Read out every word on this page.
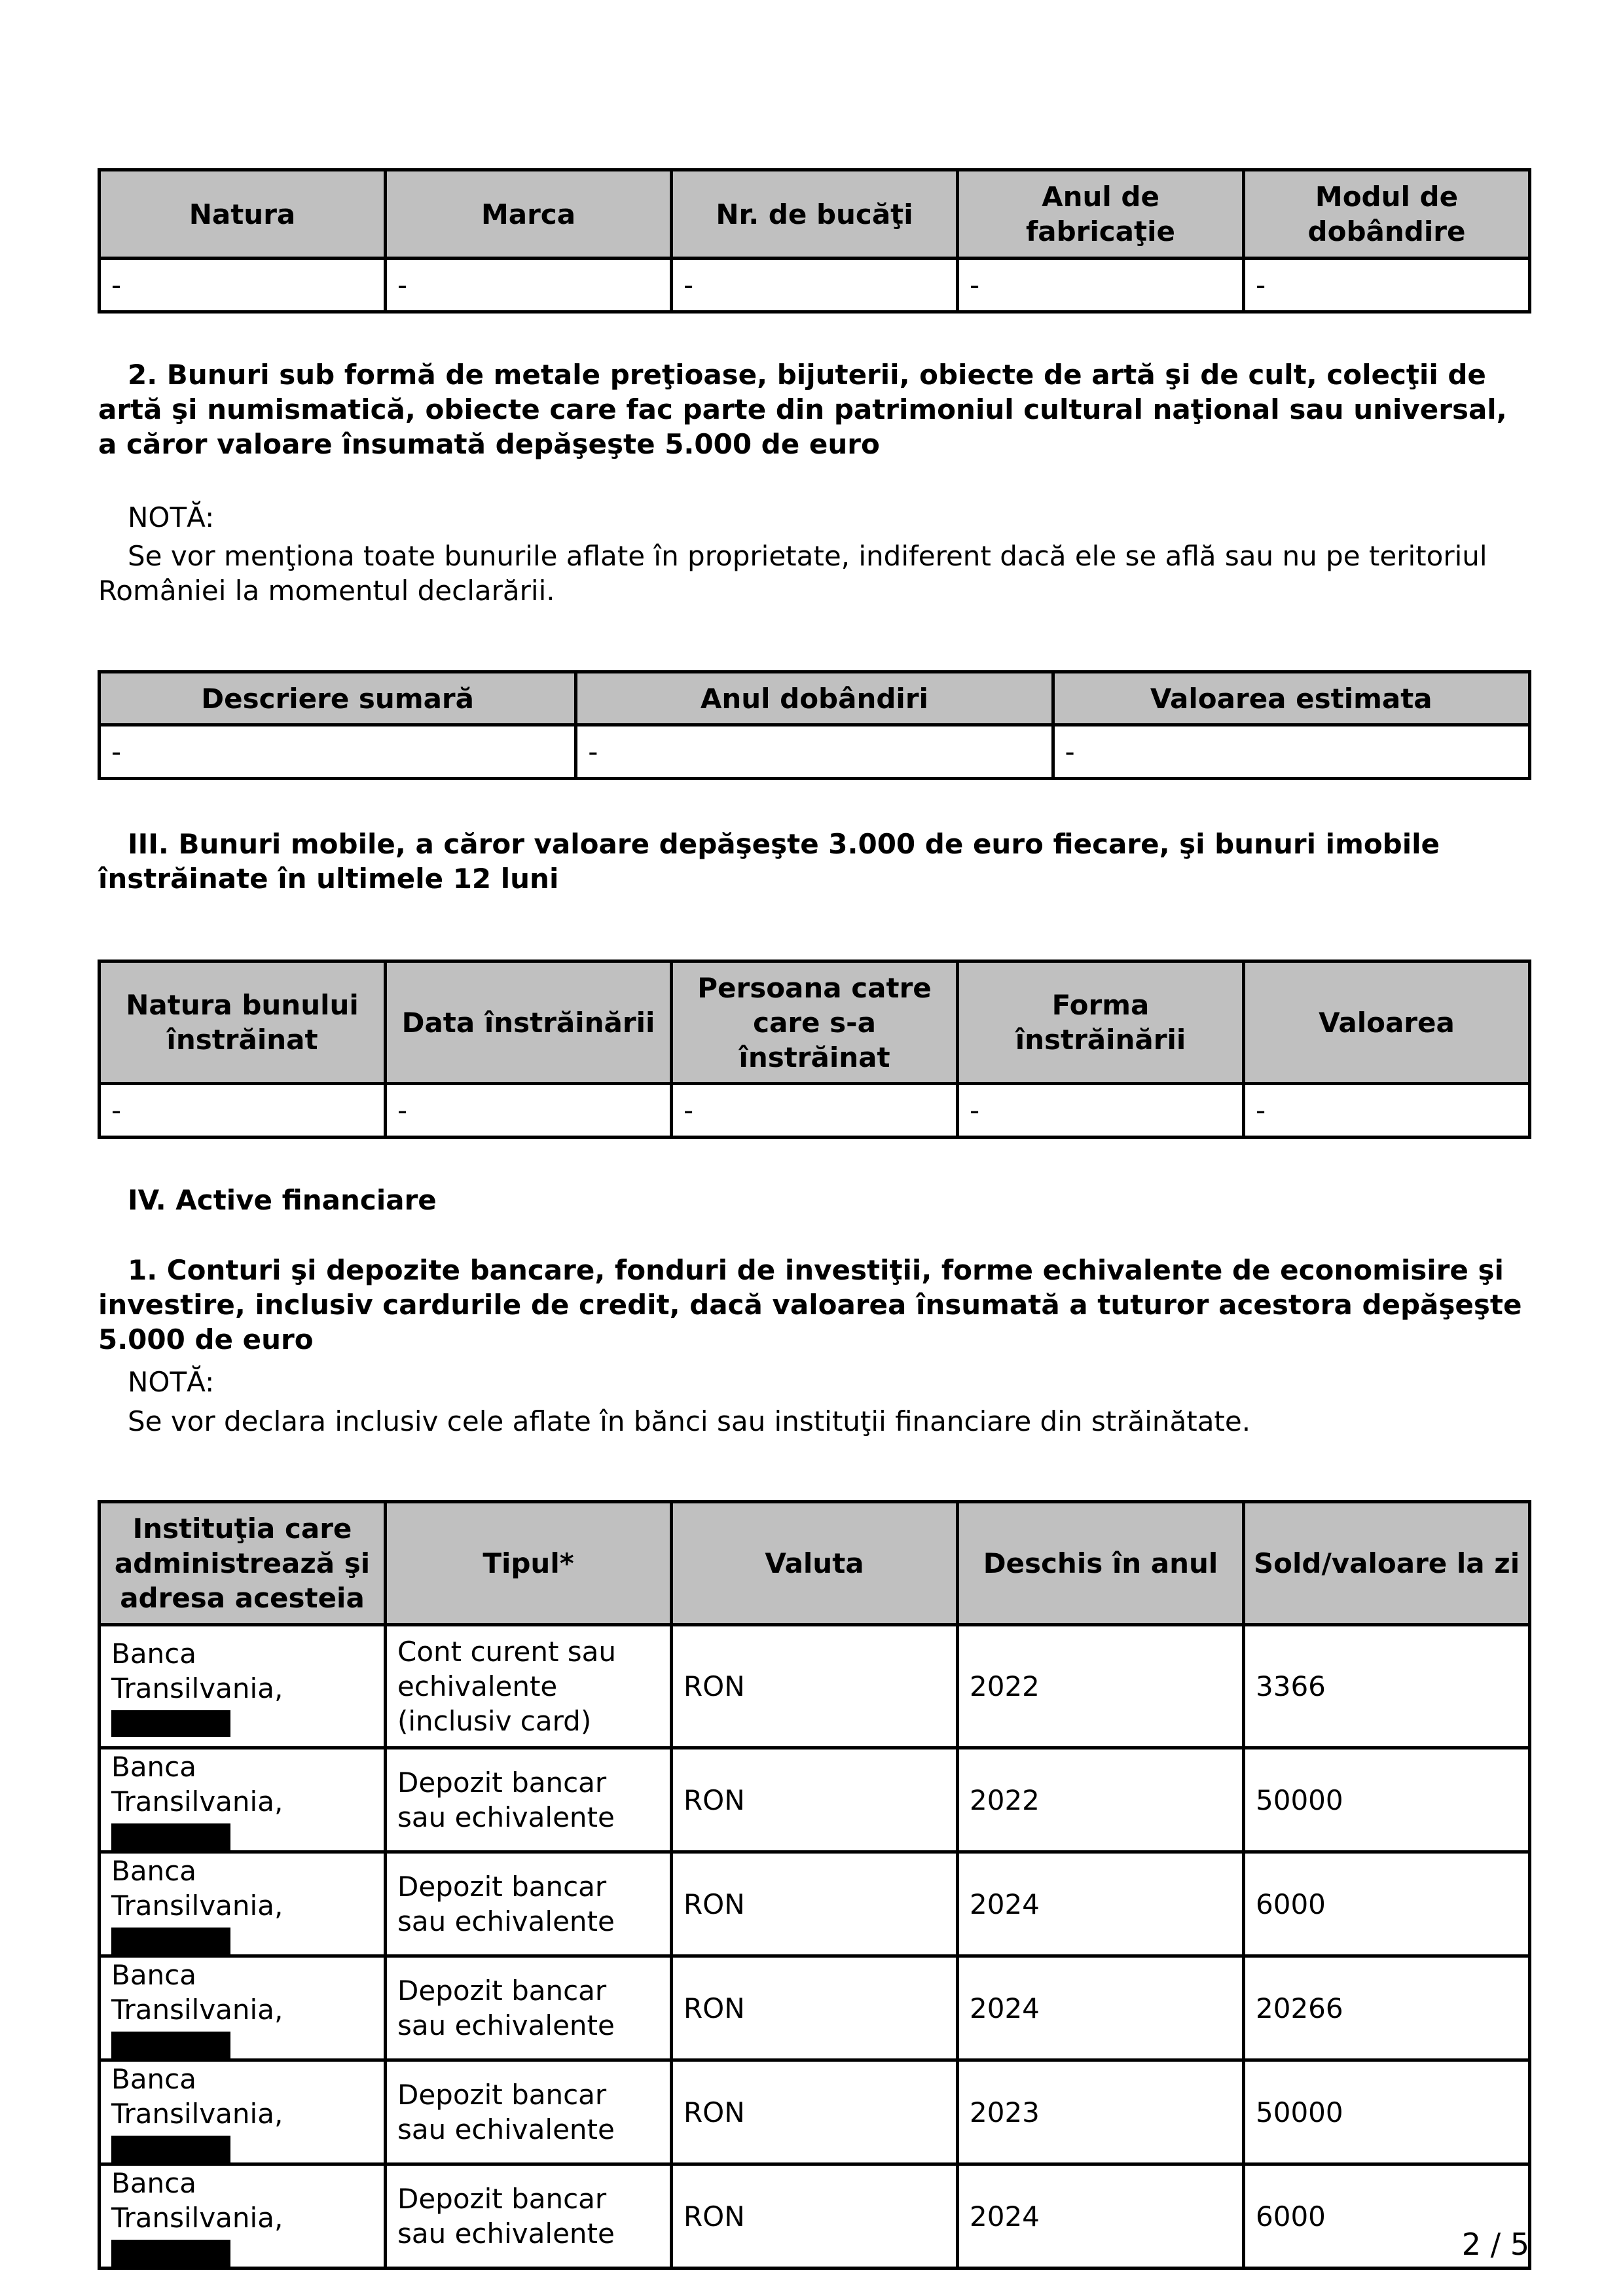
Natura	Marca	Nr. de bucăţi	Anul de fabricaţie	Modul de dobândire
-	-	-	-	-

2. Bunuri sub formă de metale preţioase, bijuterii, obiecte de artă şi de cult, colecţii de artă şi numismatică, obiecte care fac parte din patrimoniul cultural naţional sau universal, a căror valoare însumată depăşeşte 5.000 de euro

NOTĂ:

Se vor menţiona toate bunurile aflate în proprietate, indiferent dacă ele se află sau nu pe teritoriul României la momentul declarării.

Descriere sumară	Anul dobândiri	Valoarea estimata
-	-	-

III. Bunuri mobile, a căror valoare depăşeşte 3.000 de euro fiecare, şi bunuri imobile înstrăinate în ultimele 12 luni

Natura bunului înstrăinat	Data înstrăinării	Persoana catre care s-a înstrăinat	Forma înstrăinării	Valoarea
-	-	-	-	-

IV. Active financiare

1. Conturi şi depozite bancare, fonduri de investiţii, forme echivalente de economisire şi investire, inclusiv cardurile de credit, dacă valoarea însumată a tuturor acestora depăşeşte 5.000 de euro

NOTĂ:

Se vor declara inclusiv cele aflate în bănci sau instituţii financiare din străinătate.

Instituţia care administrează şi adresa acesteia	Tipul*	Valuta	Deschis în anul	Sold/valoare la zi
Banca Transilvania,	Cont curent sau echivalente (inclusiv card)	RON	2022	3366
Banca Transilvania,	Depozit bancar sau echivalente	RON	2022	50000
Banca Transilvania,	Depozit bancar sau echivalente	RON	2024	6000
Banca Transilvania,	Depozit bancar sau echivalente	RON	2024	20266
Banca Transilvania,	Depozit bancar sau echivalente	RON	2023	50000
Banca Transilvania,	Depozit bancar sau echivalente	RON	2024	6000
2 / 5
